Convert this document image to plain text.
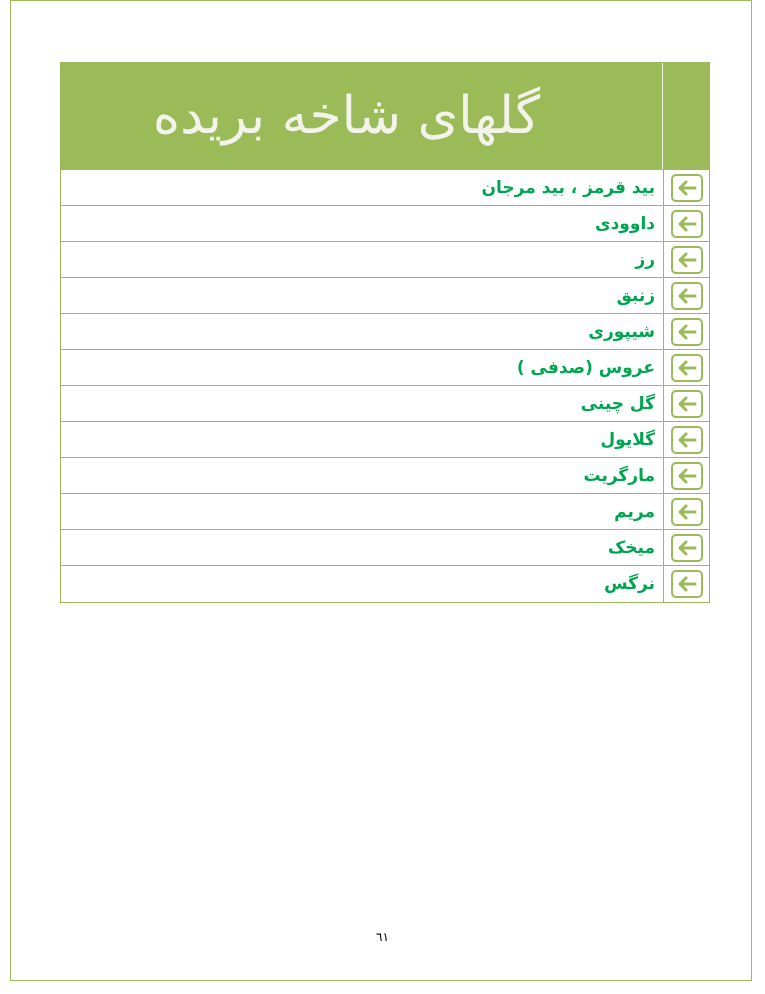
گلهای شاخه بریده
بید قرمز ، بید مرجان
داوودی
رز
زنبق
شیپوری
عروس (صدفی )
گل چینی
گلایول
مارگریت
مریم
میخک
نرگس
٦١
